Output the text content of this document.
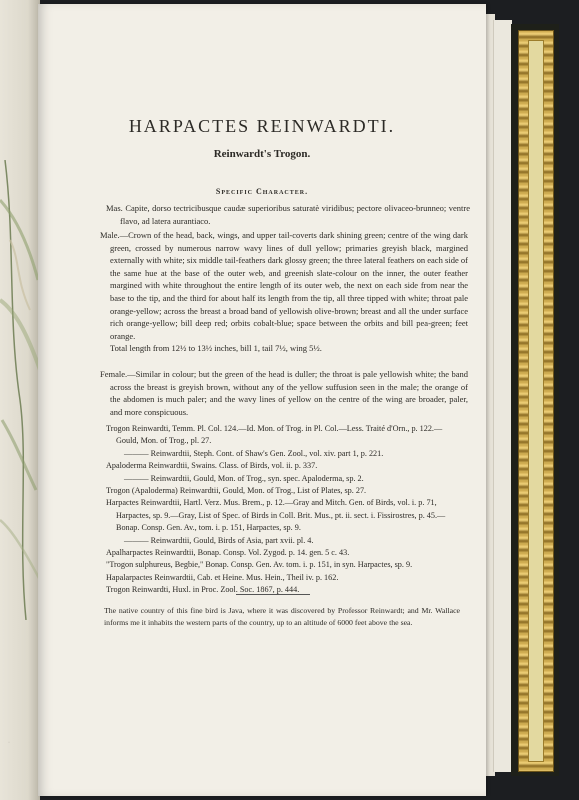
·
HARPACTES REINWARDTI.
Reinwardt's Trogon.
Specific Character.

Mas. Capite, dorso tectricibusque caudæ superioribus saturatè viridibus; pectore olivaceo-brunneo; ventre flavo, ad latera aurantiaco.

Male.—Crown of the head, back, wings, and upper tail-coverts dark shining green; centre of the wing dark green, crossed by numerous narrow wavy lines of dull yellow; primaries greyish black, margined externally with white; six middle tail-feathers dark glossy green; the three lateral feathers on each side of the same hue at the base of the outer web, and greenish slate-colour on the inner, the outer feather margined with white throughout the entire length of its outer web, the next on each side from near the base to the tip, and the third for about half its length from the tip, all three tipped with white; throat pale orange-yellow; across the breast a broad band of yellowish olive-brown; breast and all the under surface rich orange-yellow; bill deep red; orbits cobalt-blue; space between the orbits and bill pea-green; feet orange.
Total length from 12½ to 13½ inches, bill 1, tail 7½, wing 5½.

Female.—Similar in colour; but the green of the head is duller; the throat is pale yellowish white; the band across the breast is greyish brown, without any of the yellow suffusion seen in the male; the orange of the abdomen is much paler; and the wavy lines of yellow on the centre of the wing are broader, paler, and more conspicuous.

Trogon Reinwardti, Temm. Pl. Col. 124.—Id. Mon. of Trog. in Pl. Col.—Less. Traité d'Orn., p. 122.—Gould, Mon. of Trog., pl. 27.

——— Reinwardtii, Steph. Cont. of Shaw's Gen. Zool., vol. xiv. part 1, p. 221.

Apaloderma Reinwardtii, Swains. Class. of Birds, vol. ii. p. 337.

——— Reinwardtii, Gould, Mon. of Trog., syn. spec. Apaloderma, sp. 2.

Trogon (Apaloderma) Reinwardtii, Gould, Mon. of Trog., List of Plates, sp. 27.

Harpactes Reinwardtii, Hartl. Verz. Mus. Brem., p. 12.—Gray and Mitch. Gen. of Birds, vol. i. p. 71, Harpactes, sp. 9.—Gray, List of Spec. of Birds in Coll. Brit. Mus., pt. ii. sect. i. Fissirostres, p. 45.—Bonap. Consp. Gen. Av., tom. i. p. 151, Harpactes, sp. 9.

——— Reinwardtii, Gould, Birds of Asia, part xvii. pl. 4.

Apalharpactes Reinwardtii, Bonap. Consp. Vol. Zygod. p. 14. gen. 5 c. 43.

"Trogon sulphureus, Begbie," Bonap. Consp. Gen. Av. tom. i. p. 151, in syn. Harpactes, sp. 9.

Hapalarpactes Reinwardtii, Cab. et Heine. Mus. Hein., Theil iv. p. 162.

Trogon Reinwardti, Huxl. in Proc. Zool. Soc. 1867, p. 444.

The native country of this fine bird is Java, where it was discovered by Professor Reinwardt; and Mr. Wallace informs me it inhabits the western parts of the country, up to an altitude of 6000 feet above the sea.
